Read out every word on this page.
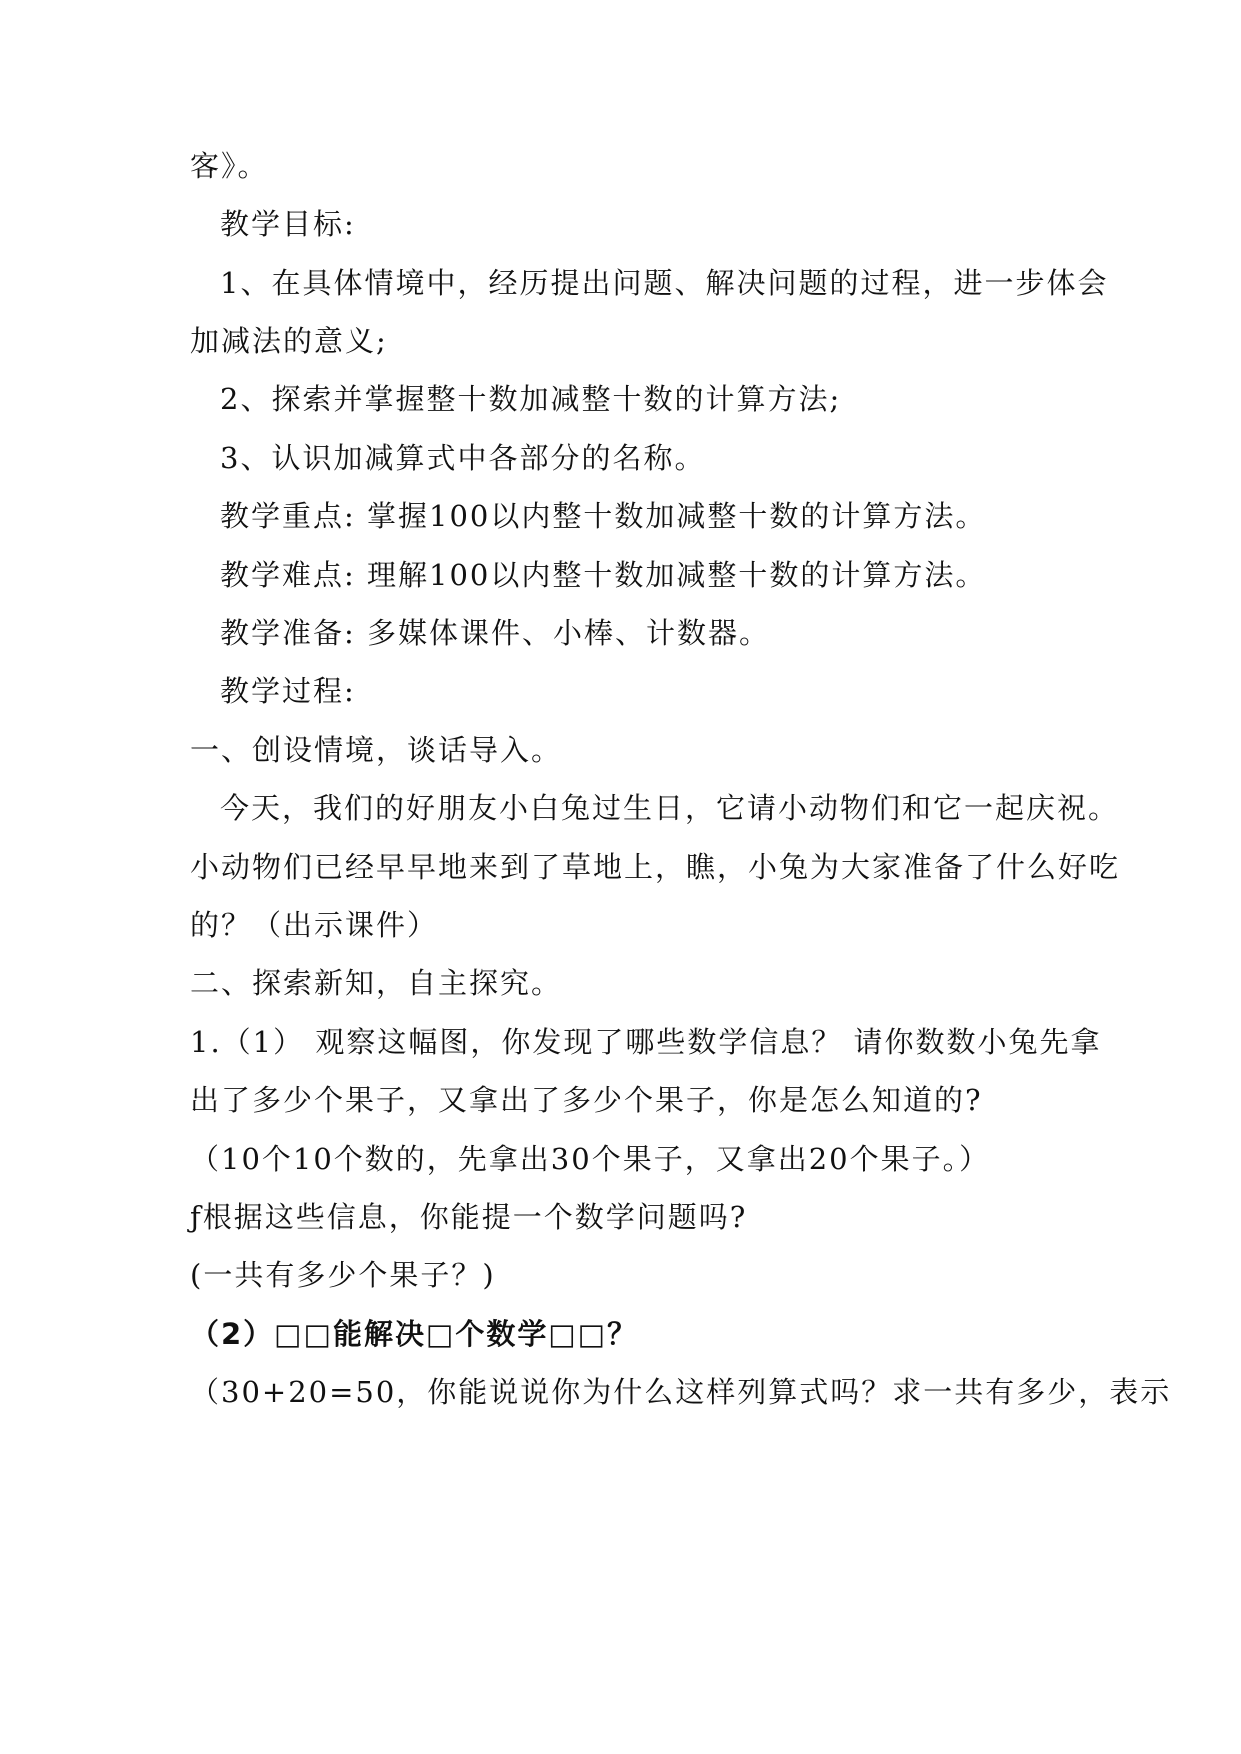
客》。

教学目标:

1、在具体情境中，经历提出问题、解决问题的过程，进一步体会

加减法的意义;

2、探索并掌握整十数加减整十数的计算方法;

3、认识加减算式中各部分的名称。

教学重点: 掌握100以内整十数加减整十数的计算方法。

教学难点: 理解100以内整十数加减整十数的计算方法。

教学准备: 多媒体课件、小棒、计数器。

教学过程:

一、创设情境，谈话导入。

今天，我们的好朋友小白兔过生日，它请小动物们和它一起庆祝。

小动物们已经早早地来到了草地上，瞧，小兔为大家准备了什么好吃

的？（出示课件）

二、探索新知，自主探究。

1.（1） 观察这幅图，你发现了哪些数学信息？ 请你数数小兔先拿

出了多少个果子，又拿出了多少个果子，你是怎么知道的?

（10个10个数的，先拿出30个果子，又拿出20个果子。）

ƒ根据这些信息，你能提一个数学问题吗?

(一共有多少个果子？)

（2）□□能解决□个数学□□？

（30+20=50，你能说说你为什么这样列算式吗？求一共有多少，表示
